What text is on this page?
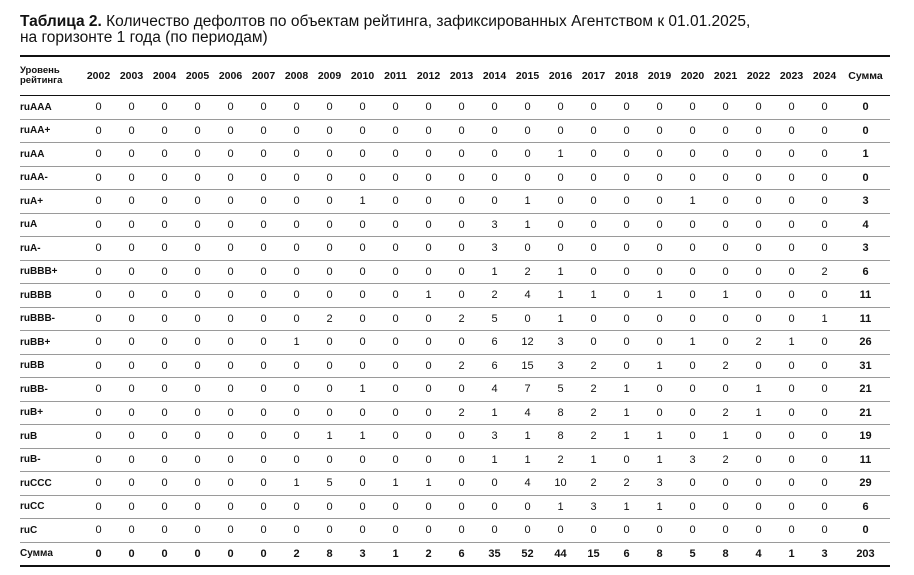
Таблица 2. Количество дефолтов по объектам рейтинга, зафиксированных Агентством к 01.01.2025,
на горизонте 1 года (по периодам)
Уровень
рейтинга	2002	2003	2004	2005	2006	2007	2008	2009	2010	2011	2012	2013	2014	2015	2016	2017	2018	2019	2020	2021	2022	2023	2024	Сумма
ruAAA	0	0	0	0	0	0	0	0	0	0	0	0	0	0	0	0	0	0	0	0	0	0	0	0
ruAA+	0	0	0	0	0	0	0	0	0	0	0	0	0	0	0	0	0	0	0	0	0	0	0	0
ruAA	0	0	0	0	0	0	0	0	0	0	0	0	0	0	1	0	0	0	0	0	0	0	0	1
ruAA-	0	0	0	0	0	0	0	0	0	0	0	0	0	0	0	0	0	0	0	0	0	0	0	0
ruA+	0	0	0	0	0	0	0	0	1	0	0	0	0	1	0	0	0	0	1	0	0	0	0	3
ruA	0	0	0	0	0	0	0	0	0	0	0	0	3	1	0	0	0	0	0	0	0	0	0	4
ruA-	0	0	0	0	0	0	0	0	0	0	0	0	3	0	0	0	0	0	0	0	0	0	0	3
ruBBB+	0	0	0	0	0	0	0	0	0	0	0	0	1	2	1	0	0	0	0	0	0	0	2	6
ruBBB	0	0	0	0	0	0	0	0	0	0	1	0	2	4	1	1	0	1	0	1	0	0	0	11
ruBBB-	0	0	0	0	0	0	0	2	0	0	0	2	5	0	1	0	0	0	0	0	0	0	1	11
ruBB+	0	0	0	0	0	0	1	0	0	0	0	0	6	12	3	0	0	0	1	0	2	1	0	26
ruBB	0	0	0	0	0	0	0	0	0	0	0	2	6	15	3	2	0	1	0	2	0	0	0	31
ruBB-	0	0	0	0	0	0	0	0	1	0	0	0	4	7	5	2	1	0	0	0	1	0	0	21
ruB+	0	0	0	0	0	0	0	0	0	0	0	2	1	4	8	2	1	0	0	2	1	0	0	21
ruB	0	0	0	0	0	0	0	1	1	0	0	0	3	1	8	2	1	1	0	1	0	0	0	19
ruB-	0	0	0	0	0	0	0	0	0	0	0	0	1	1	2	1	0	1	3	2	0	0	0	11
ruCCC	0	0	0	0	0	0	1	5	0	1	1	0	0	4	10	2	2	3	0	0	0	0	0	29
ruCC	0	0	0	0	0	0	0	0	0	0	0	0	0	0	1	3	1	1	0	0	0	0	0	6
ruC	0	0	0	0	0	0	0	0	0	0	0	0	0	0	0	0	0	0	0	0	0	0	0	0
Сумма	0	0	0	0	0	0	2	8	3	1	2	6	35	52	44	15	6	8	5	8	4	1	3	203
